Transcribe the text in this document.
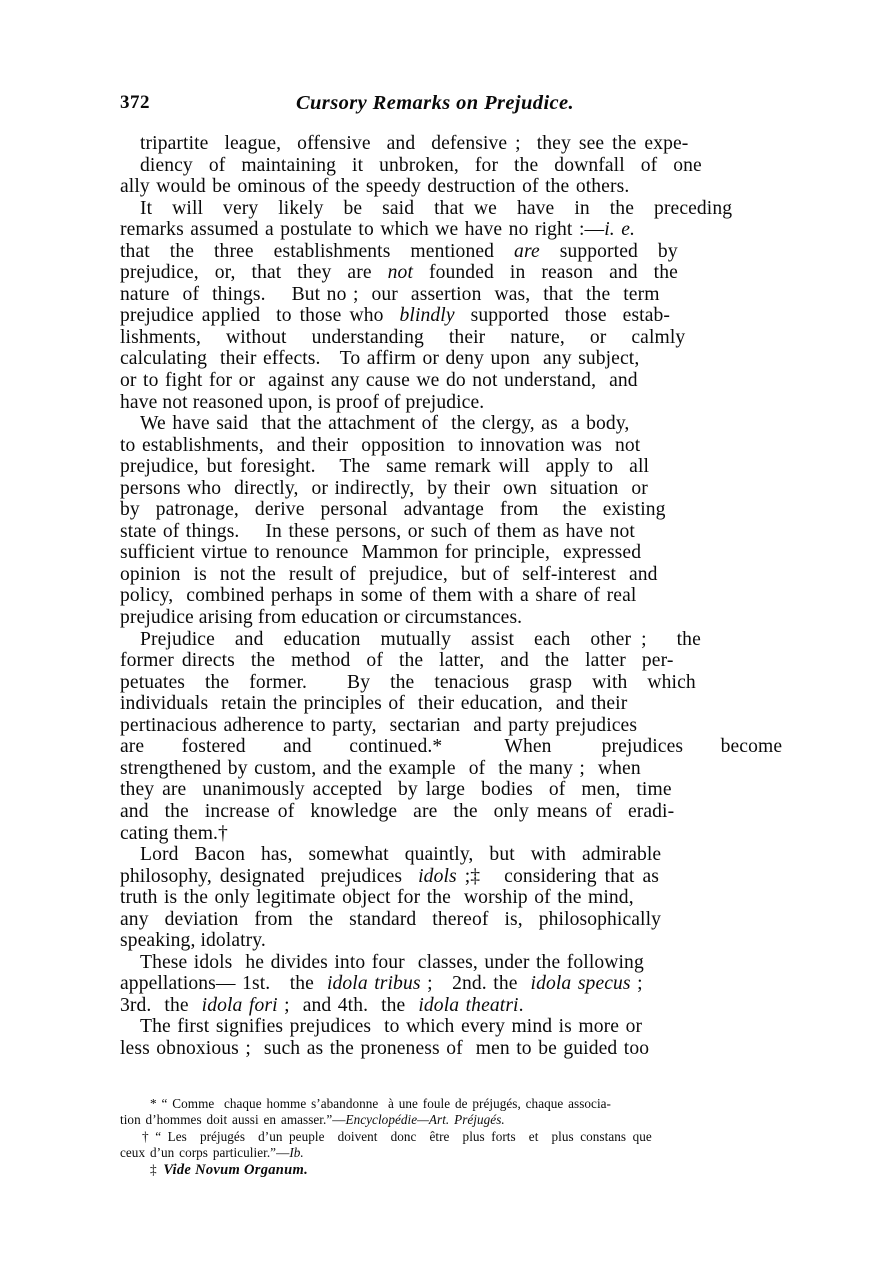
372	Cursory Remarks on Prejudice.

tripartite  league,  offensive  and  defensive ;  they see the expe-
diency  of  maintaining  it  unbroken,  for  the  downfall  of  one
ally would be ominous of the speedy destruction of the others.

It  will  very  likely  be  said  that we  have  in  the  preceding
remarks assumed a postulate to which we have no right :—i. e.
that  the  three  establishments  mentioned  are  supported  by
prejudice,  or,  that  they  are  not  founded  in  reason  and  the
nature  of  things.    But no ;  our  assertion  was,  that  the  term
prejudice applied  to those who  blindly  supported  those  estab-
lishments,  without  understanding  their  nature,  or  calmly
calculating  their effects.   To affirm or deny upon  any subject,
or to fight for or  against any cause we do not understand,  and
have not reasoned upon, is proof of prejudice.

We have said  that the attachment of  the clergy, as  a body,
to establishments,  and their  opposition  to innovation was  not
prejudice, but foresight.   The  same remark will  apply to  all
persons who  directly,  or indirectly,  by their  own  situation  or
by  patronage,  derive  personal  advantage  from   the  existing
state of things.    In these persons, or such of them as have not
sufficient virtue to renounce  Mammon for principle,  expressed
opinion  is  not the  result of  prejudice,  but of  self-interest  and
policy,  combined perhaps in some of them with a share of real
prejudice arising from education or circumstances.

Prejudice  and  education  mutually  assist  each  other ;   the
former directs  the  method  of  the  latter,  and  the  latter  per-
petuates  the  former.    By  the  tenacious  grasp  with  which
individuals  retain the principles of  their education,  and their
pertinacious adherence to party,  sectarian  and party prejudices
are   fostered   and   continued.*     When    prejudices   become
strengthened by custom, and the example  of  the many ;  when
they are  unanimously accepted  by large  bodies  of  men,  time
and  the  increase of  knowledge  are  the  only means of  eradi-
cating them.†

Lord  Bacon  has,  somewhat  quaintly,  but  with  admirable
philosophy, designated  prejudices  idols ;‡   considering that as
truth is the only legitimate object for the  worship of the mind,
any  deviation  from  the  standard  thereof  is,  philosophically
speaking, idolatry.

These idols  he divides into four  classes, under the following
appellations— 1st.   the  idola tribus ;   2nd. the  idola specus ;
3rd.  the  idola fori ;  and 4th.  the  idola theatri.

The first signifies prejudices  to which every mind is more or
less obnoxious ;  such as the proneness of  men to be guided too

* “ Comme  chaque homme s’abandonne  à une foule de préjugés, chaque associa-
tion d’hommes doit aussi en amasser.”—Encyclopédie—Art. Préjugés.
† “ Les  préjugés  d’un peuple  doivent  donc  être  plus forts  et  plus constans que
ceux d’un corps particulier.”—Ib.
‡ Vide Novum Organum.
